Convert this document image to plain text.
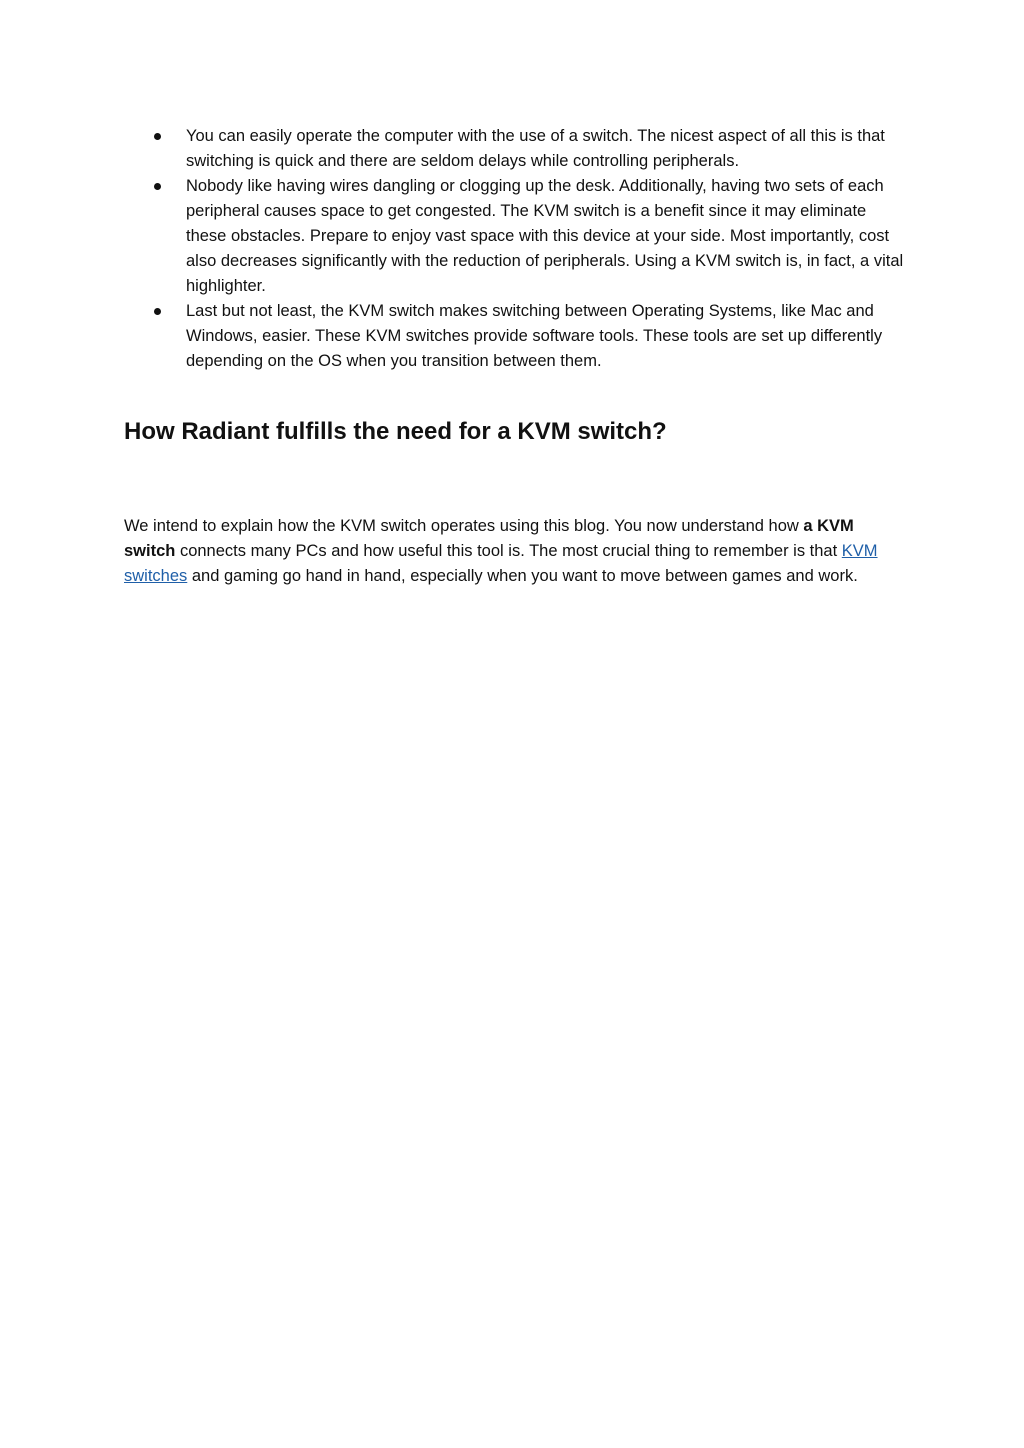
You can easily operate the computer with the use of a switch. The nicest aspect of all this is that switching is quick and there are seldom delays while controlling peripherals.
Nobody like having wires dangling or clogging up the desk. Additionally, having two sets of each peripheral causes space to get congested. The KVM switch is a benefit since it may eliminate these obstacles. Prepare to enjoy vast space with this device at your side. Most importantly, cost also decreases significantly with the reduction of peripherals. Using a KVM switch is, in fact, a vital highlighter.
Last but not least, the KVM switch makes switching between Operating Systems, like Mac and Windows, easier. These KVM switches provide software tools. These tools are set up differently depending on the OS when you transition between them.
How Radiant fulfills the need for a KVM switch?

We intend to explain how the KVM switch operates using this blog. You now understand how a KVM switch connects many PCs and how useful this tool is. The most crucial thing to remember is that KVM switches and gaming go hand in hand, especially when you want to move between games and work.
